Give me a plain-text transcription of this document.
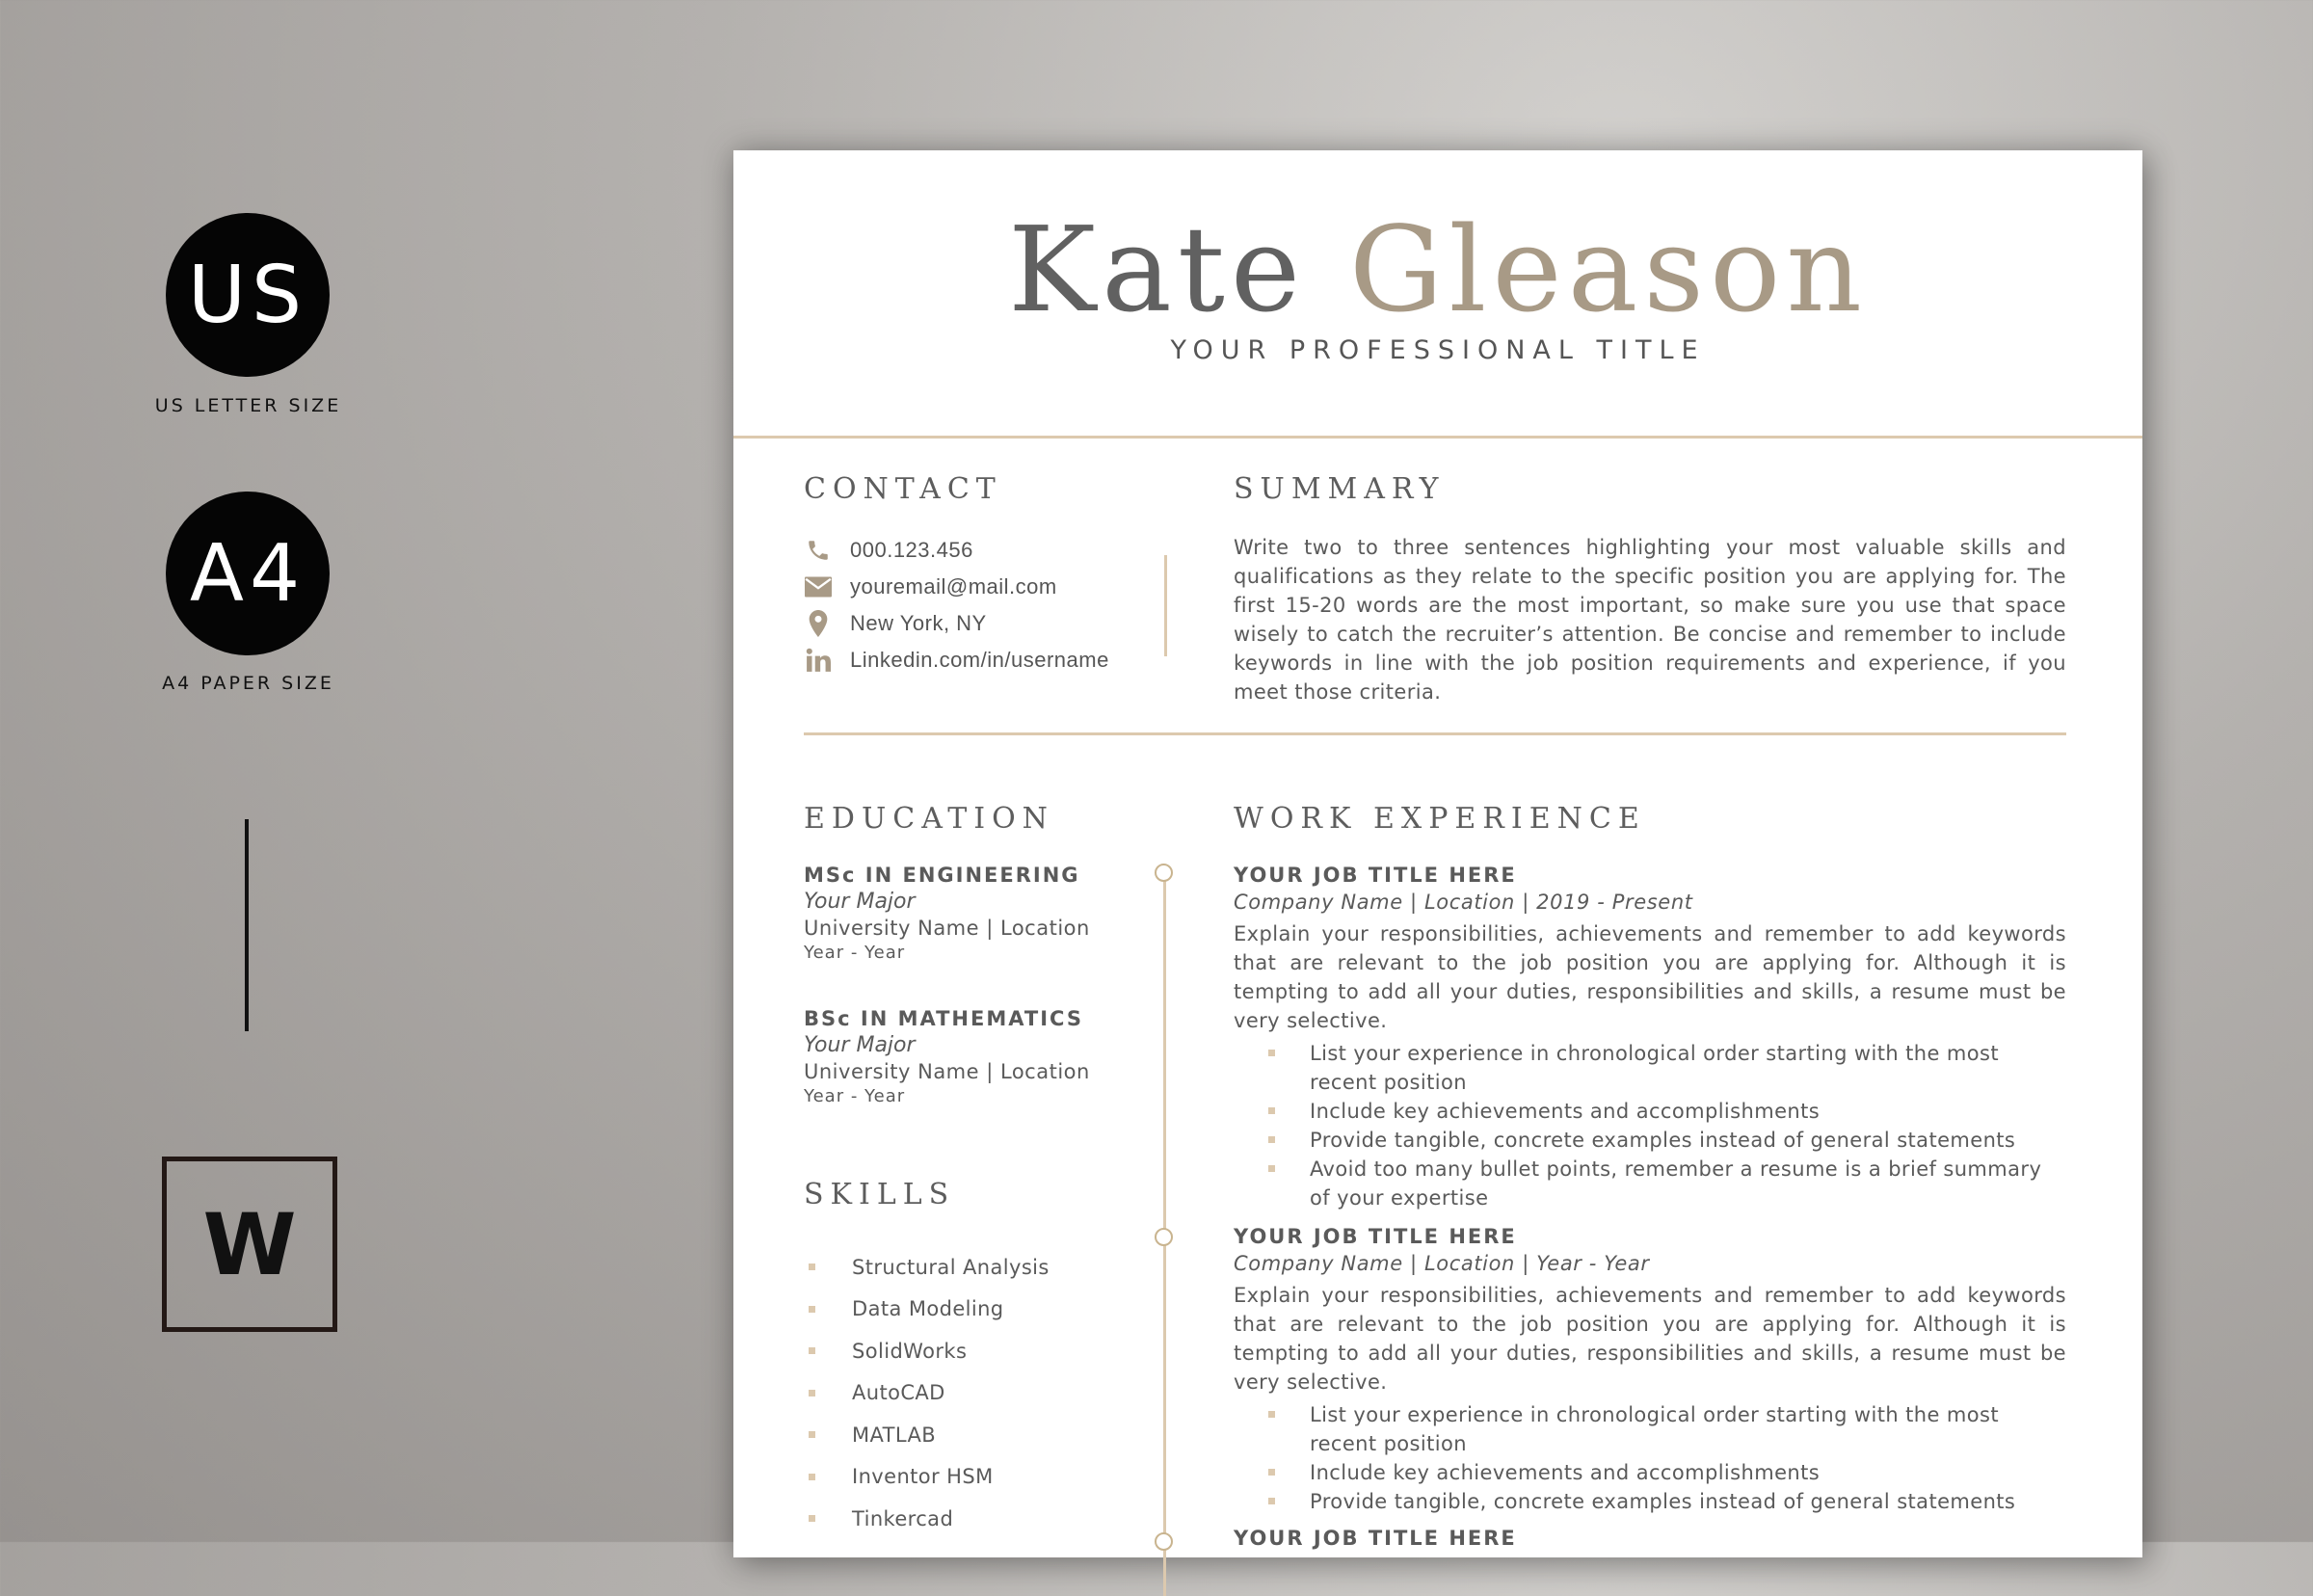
US
US LETTER SIZE
A4
A4 PAPER SIZE
W
Kate Gleason
YOUR PROFESSIONAL TITLE
CONTACT
000.123.456
youremail@mail.com
New York, NY
Linkedin.com/in/username
SUMMARY
Write two to three sentences highlighting your most valuable skills and qualifications as they relate to the specific position you are applying for. The first 15-20 words are the most important, so make sure you use that space wisely to catch the recruiter’s attention. Be concise and remember to include keywords in line with the job position requirements and experience, if you meet those criteria.
EDUCATION
MSc IN ENGINEERING
Your Major
University Name | Location
Year - Year
BSc IN MATHEMATICS
Your Major
University Name | Location
Year - Year
SKILLS
Structural Analysis
Data Modeling
SolidWorks
AutoCAD
MATLAB
Inventor HSM
Tinkercad
WORK EXPERIENCE
YOUR JOB TITLE HERE
Company Name | Location | 2019 - Present
Explain your responsibilities, achievements and remember to add keywords that are relevant to the job position you are applying for. Although it is tempting to add all your duties, responsibilities and skills, a resume must be very selective.
List your experience in chronological order starting with the most recent position
Include key achievements and accomplishments
Provide tangible, concrete examples instead of general statements
Avoid too many bullet points, remember a resume is a brief summary of your expertise
YOUR JOB TITLE HERE
Company Name | Location | Year - Year
Explain your responsibilities, achievements and remember to add keywords that are relevant to the job position you are applying for. Although it is tempting to add all your duties, responsibilities and skills, a resume must be very selective.
List your experience in chronological order starting with the most recent position
Include key achievements and accomplishments
Provide tangible, concrete examples instead of general statements
YOUR JOB TITLE HERE
